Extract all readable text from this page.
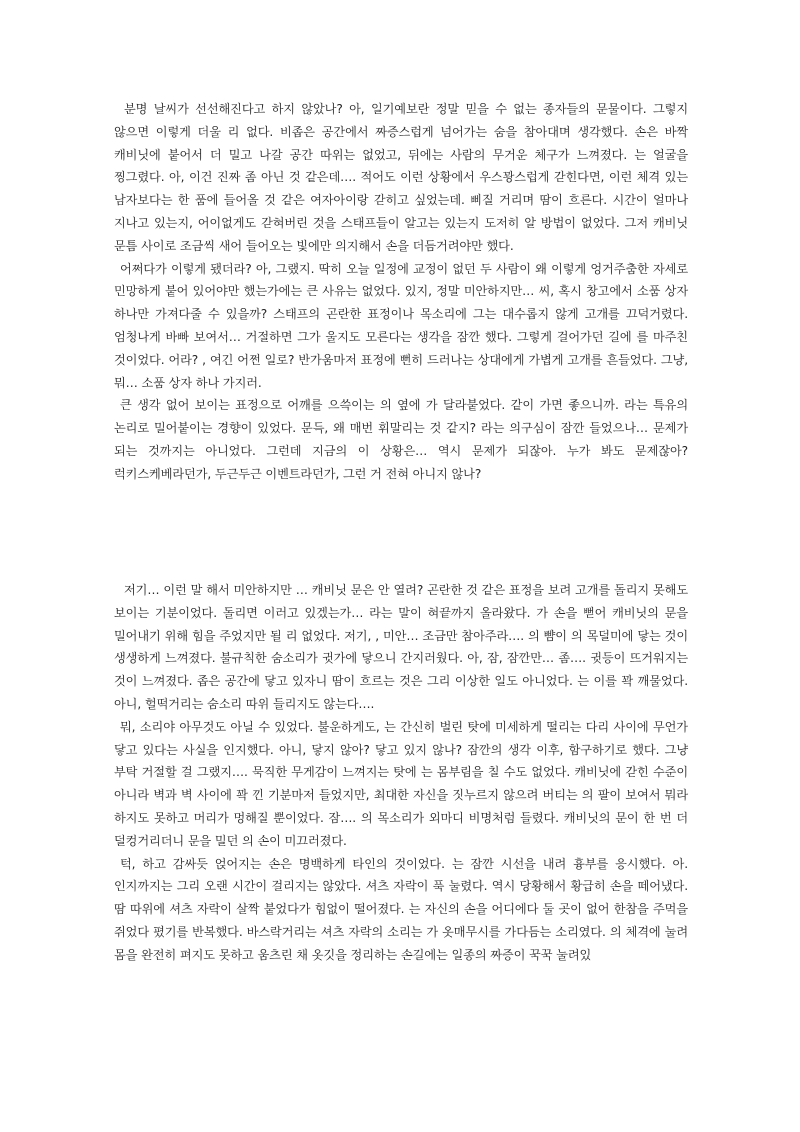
분명 날씨가 선선해진다고 하지 않았나? 아, 일기예보란 정말 믿을 수 없는 종자들의 문물이다. 그렇지 않으면 이렇게 더울 리 없다. 비좁은 공간에서 짜증스럽게 넘어가는 숨을 참아대며 생각했다. 손은 바짝 캐비닛에 붙어서 더 밀고 나갈 공간 따위는 없었고, 뒤에는 사람의 무거운 체구가 느껴졌다. 는 얼굴을 찡그렸다. 아, 이건 진짜 좀 아닌 것 같은데…. 적어도 이런 상황에서 우스꽝스럽게 갇힌다면, 이런 체격 있는 남자보다는 한 품에 들어올 것 같은 여자아이랑 갇히고 싶었는데. 삐질 거리며 땀이 흐른다. 시간이 얼마나 지나고 있는지, 어이없게도 갇혀버린 것을 스태프들이 알고는 있는지 도저히 알 방법이 없었다. 그저 캐비닛 문틈 사이로 조금씩 새어 들어오는 빛에만 의지해서 손을 더듬거려야만 했다.

어쩌다가 이렇게 됐더라? 아, 그랬지. 딱히 오늘 일정에 교정이 없던 두 사람이 왜 이렇게 엉거주춤한 자세로 민망하게 붙어 있어야만 했는가에는 큰 사유는 없었다. 있지, 정말 미안하지만… 씨, 혹시 창고에서 소품 상자 하나만 가져다줄 수 있을까? 스태프의 곤란한 표정이나 목소리에 그는 대수롭지 않게 고개를 끄덕거렸다. 엄청나게 바빠 보여서… 거절하면 그가 울지도 모른다는 생각을 잠깐 했다. 그렇게 걸어가던 길에 를 마주친 것이었다. 어라? , 여긴 어쩐 일로? 반가움마저 표정에 뻔히 드러나는 상대에게 가볍게 고개를 흔들었다. 그냥, 뭐… 소품 상자 하나 가지러.

큰 생각 없어 보이는 표정으로 어깨를 으쓱이는 의 옆에 가 달라붙었다. 같이 가면 좋으니까. 라는 특유의 논리로 밀어붙이는 경향이 있었다. 문득, 왜 매번 휘말리는 것 같지? 라는 의구심이 잠깐 들었으나… 문제가 되는 것까지는 아니었다. 그런데 지금의 이 상황은… 역시 문제가 되잖아. 누가 봐도 문제잖아? 럭키스케베라던가, 두근두근 이벤트라던가, 그런 거 전혀 아니지 않나?

저기… 이런 말 해서 미안하지만 … 캐비닛 문은 안 열려? 곤란한 것 같은 표정을 보려 고개를 돌리지 못해도 보이는 기분이었다. 돌리면 이러고 있겠는가… 라는 말이 혀끝까지 올라왔다. 가 손을 뻗어 캐비닛의 문을 밀어내기 위해 힘을 주었지만 될 리 없었다. 저기, , 미안… 조금만 참아주라…. 의 뺨이 의 목덜미에 닿는 것이 생생하게 느껴졌다. 불규칙한 숨소리가 귓가에 닿으니 간지러웠다. 아, 잠, 잠깐만… 좀…. 귓등이 뜨거워지는 것이 느껴졌다. 좁은 공간에 닿고 있자니 땀이 흐르는 것은 그리 이상한 일도 아니었다. 는 이를 꽉 깨물었다. 아니, 헐떡거리는 숨소리 따위 들리지도 않는다….

뭐, 소리야 아무것도 아닐 수 있었다. 불운하게도, 는 간신히 벌린 탓에 미세하게 떨리는 다리 사이에 무언가 닿고 있다는 사실을 인지했다. 아니, 닿지 않아? 닿고 있지 않나? 잠깐의 생각 이후, 함구하기로 했다. 그냥 부탁 거절할 걸 그랬지…. 묵직한 무게감이 느껴지는 탓에 는 몸부림을 칠 수도 없었다. 캐비닛에 갇힌 수준이 아니라 벽과 벽 사이에 꽉 낀 기분마저 들었지만, 최대한 자신을 짓누르지 않으려 버티는 의 팔이 보여서 뭐라 하지도 못하고 머리가 멍해질 뿐이었다. 잠…. 의 목소리가 외마디 비명처럼 들렸다. 캐비닛의 문이 한 번 더 덜컹거리더니 문을 밀던 의 손이 미끄러졌다.

턱, 하고 감싸듯 얹어지는 손은 명백하게 타인의 것이었다. 는 잠깐 시선을 내려 흉부를 응시했다. 아. 인지까지는 그리 오랜 시간이 걸리지는 않았다. 셔츠 자락이 푹 눌렸다. 역시 당황해서 황급히 손을 떼어냈다. 땀 따위에 셔츠 자락이 살짝 붙었다가 힘없이 떨어졌다. 는 자신의 손을 어디에다 둘 곳이 없어 한참을 주먹을 쥐었다 폈기를 반복했다. 바스락거리는 셔츠 자락의 소리는 가 옷매무시를 가다듬는 소리였다. 의 체격에 눌려 몸을 완전히 펴지도 못하고 움츠린 채 옷깃을 정리하는 손길에는 일종의 짜증이 꾹꾹 눌려있
